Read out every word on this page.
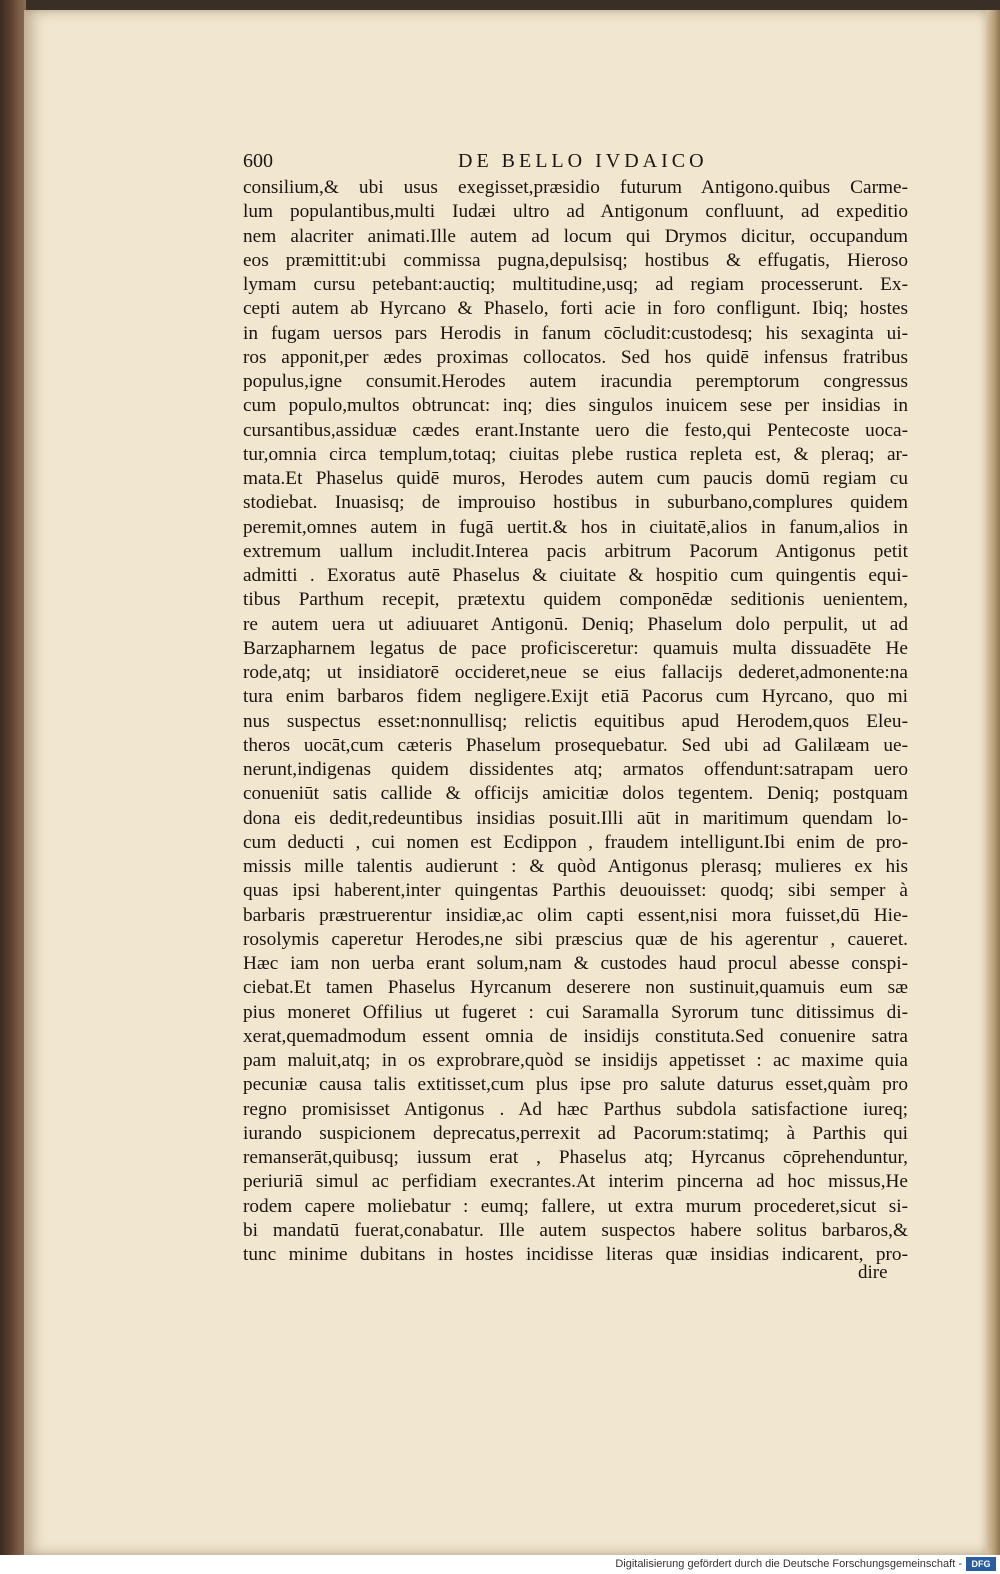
600	DE BELLO IVDAICO
consilium,& ubi usus exegisset,præsidio futurum Antigono.quibus Carme-
lum populantibus,multi Iudæi ultro ad Antigonum confluunt, ad expeditio
nem alacriter animati.Ille autem ad locum qui Drymos dicitur, occupandum
eos præmittit:ubi commissa pugna,depulsisq; hostibus & effugatis, Hieroso
lymam cursu petebant:auctiq; multitudine,usq; ad regiam processerunt. Ex-
cepti autem ab Hyrcano & Phaselo, forti acie in foro confligunt. Ibiq; hostes
in fugam uersos pars Herodis in fanum cōcludit:custodesq; his sexaginta ui-
ros apponit,per ædes proximas collocatos. Sed hos quidē infensus fratribus
populus,igne consumit.Herodes autem iracundia peremptorum congressus
cum populo,multos obtruncat: inq; dies singulos inuicem sese per insidias in
cursantibus,assiduæ cædes erant.Instante uero die festo,qui Pentecoste uoca-
tur,omnia circa templum,totaq; ciuitas plebe rustica repleta est, & pleraq; ar-
mata.Et Phaselus quidē muros, Herodes autem cum paucis domū regiam cu
stodiebat. Inuasisq; de improuiso hostibus in suburbano,complures quidem
peremit,omnes autem in fugā uertit.& hos in ciuitatē,alios in fanum,alios in
extremum uallum includit.Interea pacis arbitrum Pacorum Antigonus petit
admitti . Exoratus autē Phaselus & ciuitate & hospitio cum quingentis equi-
tibus Parthum recepit, prætextu quidem componēdæ seditionis uenientem,
re autem uera ut adiuuaret Antigonū. Deniq; Phaselum dolo perpulit, ut ad
Barzapharnem legatus de pace proficisceretur: quamuis multa dissuadēte He
rode,atq; ut insidiatorē occideret,neue se eius fallacijs dederet,admonente:na
tura enim barbaros fidem negligere.Exijt etiā Pacorus cum Hyrcano, quo mi
nus suspectus esset:nonnullisq; relictis equitibus apud Herodem,quos Eleu-
theros uocāt,cum cæteris Phaselum prosequebatur. Sed ubi ad Galilæam ue-
nerunt,indigenas quidem dissidentes atq; armatos offendunt:satrapam uero
conueniūt satis callide & officijs amicitiæ dolos tegentem. Deniq; postquam
dona eis dedit,redeuntibus insidias posuit.Illi aūt in maritimum quendam lo-
cum deducti , cui nomen est Ecdippon , fraudem intelligunt.Ibi enim de pro-
missis mille talentis audierunt : & quòd Antigonus plerasq; mulieres ex his
quas ipsi haberent,inter quingentas Parthis deuouisset: quodq; sibi semper à
barbaris præstruerentur insidiæ,ac olim capti essent,nisi mora fuisset,dū Hie-
rosolymis caperetur Herodes,ne sibi præscius quæ de his agerentur , caueret.
Hæc iam non uerba erant solum,nam & custodes haud procul abesse conspi-
ciebat.Et tamen Phaselus Hyrcanum deserere non sustinuit,quamuis eum sæ
pius moneret Offilius ut fugeret : cui Saramalla Syrorum tunc ditissimus di-
xerat,quemadmodum essent omnia de insidijs constituta.Sed conuenire satra
pam maluit,atq; in os exprobrare,quòd se insidijs appetisset : ac maxime quia
pecuniæ causa talis extitisset,cum plus ipse pro salute daturus esset,quàm pro
regno promisisset Antigonus . Ad hæc Parthus subdola satisfactione iureq;
iurando suspicionem deprecatus,perrexit ad Pacorum:statimq; à Parthis qui
remanserāt,quibusq; iussum erat , Phaselus atq; Hyrcanus cōprehenduntur,
periuriā simul ac perfidiam execrantes.At interim pincerna ad hoc missus,He
rodem capere moliebatur : eumq; fallere, ut extra murum procederet,sicut si-
bi mandatū fuerat,conabatur. Ille autem suspectos habere solitus barbaros,&
tunc minime dubitans in hostes incidisse literas quæ insidias indicarent, pro-
dire
Digitalisierung gefördert durch die Deutsche Forschungsgemeinschaft -	DFG
